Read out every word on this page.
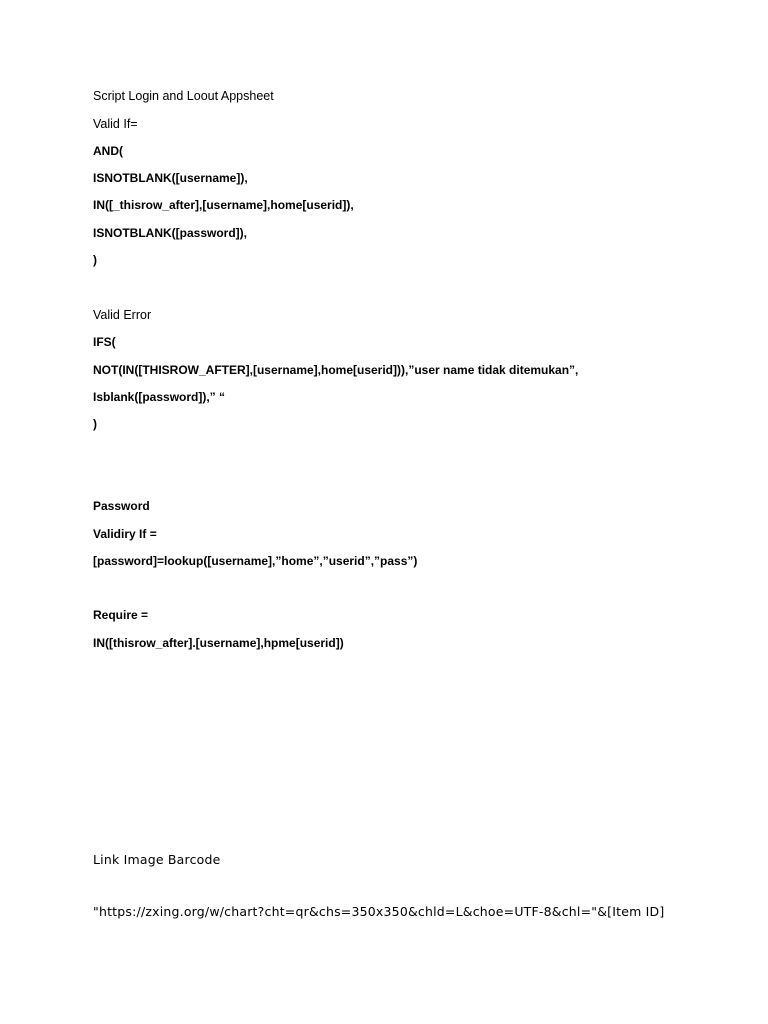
Script Login and Loout Appsheet

Valid If=

AND(

ISNOTBLANK([username]),

IN([_thisrow_after],[username],home[userid]),

ISNOTBLANK([password]),

)

Valid Error

IFS(

NOT(IN([THISROW_AFTER],[username],home[userid])),”user name tidak ditemukan”,

Isblank([password]),” “

)

Password

Validiry If =

[password]=lookup([username],”home”,”userid”,”pass”)

Require =

IN([thisrow_after].[username],hpme[userid])

Link Image Barcode

"https://zxing.org/w/chart?cht=qr&chs=350x350&chld=L&choe=UTF-8&chl="&[Item ID]
